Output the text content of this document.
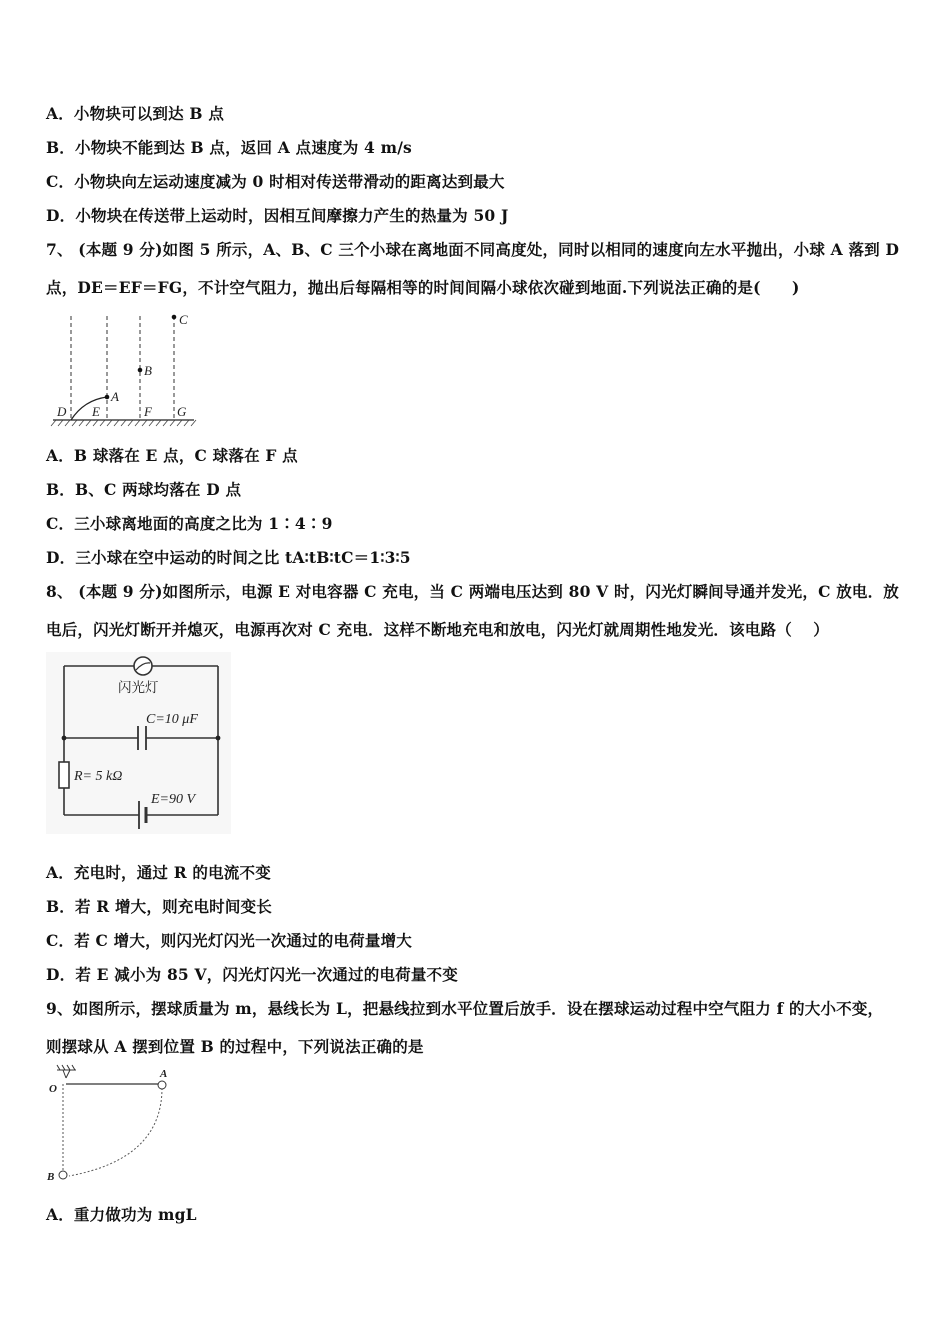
A．小物块可以到达 B 点
B．小物块不能到达 B 点，返回 A 点速度为 4 m/s
C．小物块向左运动速度减为 0 时相对传送带滑动的距离达到最大
D．小物块在传送带上运动时，因相互间摩擦力产生的热量为 50 J
7、 (本题 9 分)如图 5 所示，A、B、C 三个小球在离地面不同高度处，同时以相同的速度向左水平抛出，小球 A 落到 D
点，DE＝EF＝FG，不计空气阻力，抛出后每隔相等的时间间隔小球依次碰到地面.下列说法正确的是(　　)
D E	F G
A
B
C
A．B 球落在 E 点，C 球落在 F 点
B．B、C 两球均落在 D 点
C．三小球离地面的高度之比为 1∶4∶9
D．三小球在空中运动的时间之比 tA∶tB∶tC＝1∶3∶5
8、 (本题 9 分)如图所示，电源 E 对电容器 C 充电，当 C 两端电压达到 80 V 时，闪光灯瞬间导通并发光，C 放电．放
电后，闪光灯断开并熄灭，电源再次对 C 充电．这样不断地充电和放电，闪光灯就周期性地发光．该电路（　 ）
闪光灯
C=10 μF
R= 5 kΩ
E=90 V
A．充电时，通过 R 的电流不变
B．若 R 增大，则充电时间变长
C．若 C 增大，则闪光灯闪光一次通过的电荷量增大
D．若 E 减小为 85 V，闪光灯闪光一次通过的电荷量不变
9、如图所示，摆球质量为 m，悬线长为 L，把悬线拉到水平位置后放手．设在摆球运动过程中空气阻力 f 的大小不变，
则摆球从 A 摆到位置 B 的过程中，下列说法正确的是
O
A
B
A．重力做功为 mgL
